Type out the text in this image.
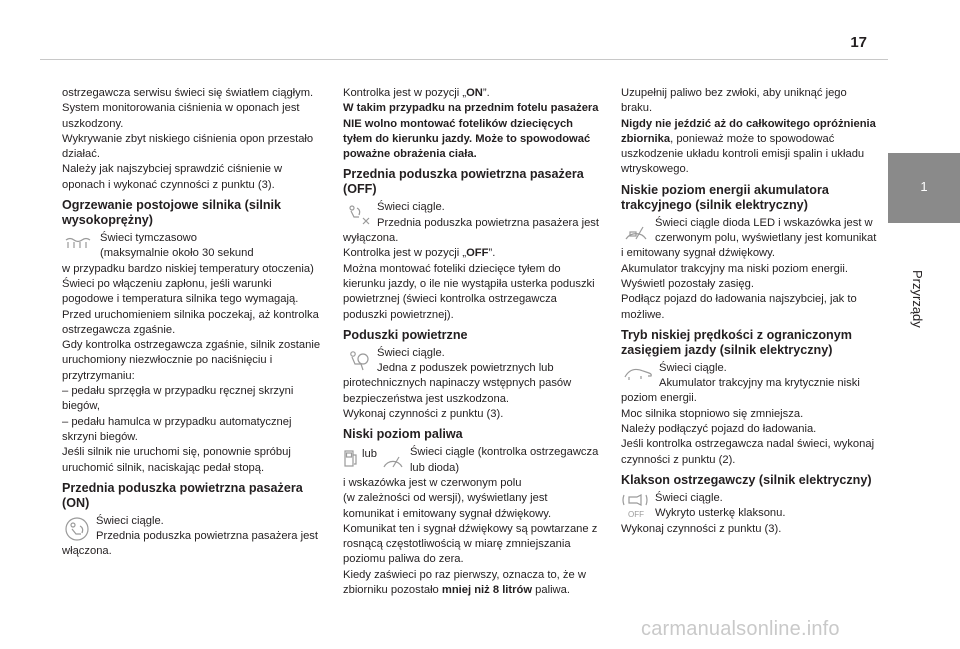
17
1
Przyrządy

ostrzegawcza serwisu świeci się światłem ciągłym.

System monitorowania ciśnienia w oponach jest uszkodzony.

Wykrywanie zbyt niskiego ciśnienia opon przestało działać.

Należy jak najszybciej sprawdzić ciśnienie w oponach i wykonać czynności z punktu (3).

Ogrzewanie postojowe silnika (silnik wysokoprężny)

Świeci tymczasowo

(maksymalnie około 30 sekund

w przypadku bardzo niskiej temperatury otoczenia)

Świeci po włączeniu zapłonu, jeśli warunki pogodowe i temperatura silnika tego wymagają.

Przed uruchomieniem silnika poczekaj, aż kontrolka ostrzegawcza zgaśnie.

Gdy kontrolka ostrzegawcza zgaśnie, silnik zostanie uruchomiony niezwłocznie po naciśnięciu i przytrzymaniu:

– pedału sprzęgła w przypadku ręcznej skrzyni biegów,

– pedału hamulca w przypadku automatycznej skrzyni biegów.

Jeśli silnik nie uruchomi się, ponownie spróbuj uruchomić silnik, naciskając pedał stopą.

Przednia poduszka powietrzna pasażera (ON)

Świeci ciągle.

Przednia poduszka powietrzna pasażera jest włączona.

Kontrolka jest w pozycji „ON”.

W takim przypadku na przednim fotelu pasażera NIE wolno montować fotelików dziecięcych tyłem do kierunku jazdy. Może to spowodować poważne obrażenia ciała.

Przednia poduszka powietrzna pasażera (OFF)

Świeci ciągle.

Przednia poduszka powietrzna pasażera jest wyłączona.

Kontrolka jest w pozycji „OFF”.

Można montować foteliki dziecięce tyłem do kierunku jazdy, o ile nie wystąpiła usterka poduszki powietrznej (świeci kontrolka ostrzegawcza poduszki powietrznej).

Poduszki powietrzne

Świeci ciągle.

Jedna z poduszek powietrznych lub pirotechnicznych napinaczy wstępnych pasów bezpieczeństwa jest uszkodzona.

Wykonaj czynności z punktu (3).

Niski poziom paliwa
lub	Świeci ciągle (kontrolka ostrzegawcza lub dioda)

i wskazówka jest w czerwonym polu

(w zależności od wersji), wyświetlany jest komunikat i emitowany sygnał dźwiękowy.

Komunikat ten i sygnał dźwiękowy są powtarzane z rosnącą częstotliwością w miarę zmniejszania poziomu paliwa do zera.

Kiedy zaświeci po raz pierwszy, oznacza to, że w zbiorniku pozostało mniej niż 8 litrów paliwa.

Uzupełnij paliwo bez zwłoki, aby uniknąć jego braku.

Nigdy nie jeździć aż do całkowitego opróżnienia zbiornika, ponieważ może to spowodować uszkodzenie układu kontroli emisji spalin i układu wtryskowego.

Niskie poziom energii akumulatora trakcyjnego (silnik elektryczny)

Świeci ciągle dioda LED i wskazówka jest w czerwonym polu, wyświetlany jest komunikat i emitowany sygnał dźwiękowy.

Akumulator trakcyjny ma niski poziom energii.

Wyświetl pozostały zasięg.

Podłącz pojazd do ładowania najszybciej, jak to możliwe.

Tryb niskiej prędkości z ograniczonym zasięgiem jazdy (silnik elektryczny)

Świeci ciągle.

Akumulator trakcyjny ma krytycznie niski poziom energii.

Moc silnika stopniowo się zmniejsza.

Należy podłączyć pojazd do ładowania.

Jeśli kontrolka ostrzegawcza nadal świeci, wykonaj czynności z punktu (2).

Klakson ostrzegawczy (silnik elektryczny)
OFF

Świeci ciągle.

Wykryto usterkę klaksonu.

Wykonaj czynności z punktu (3).

carmanualsonline.info
